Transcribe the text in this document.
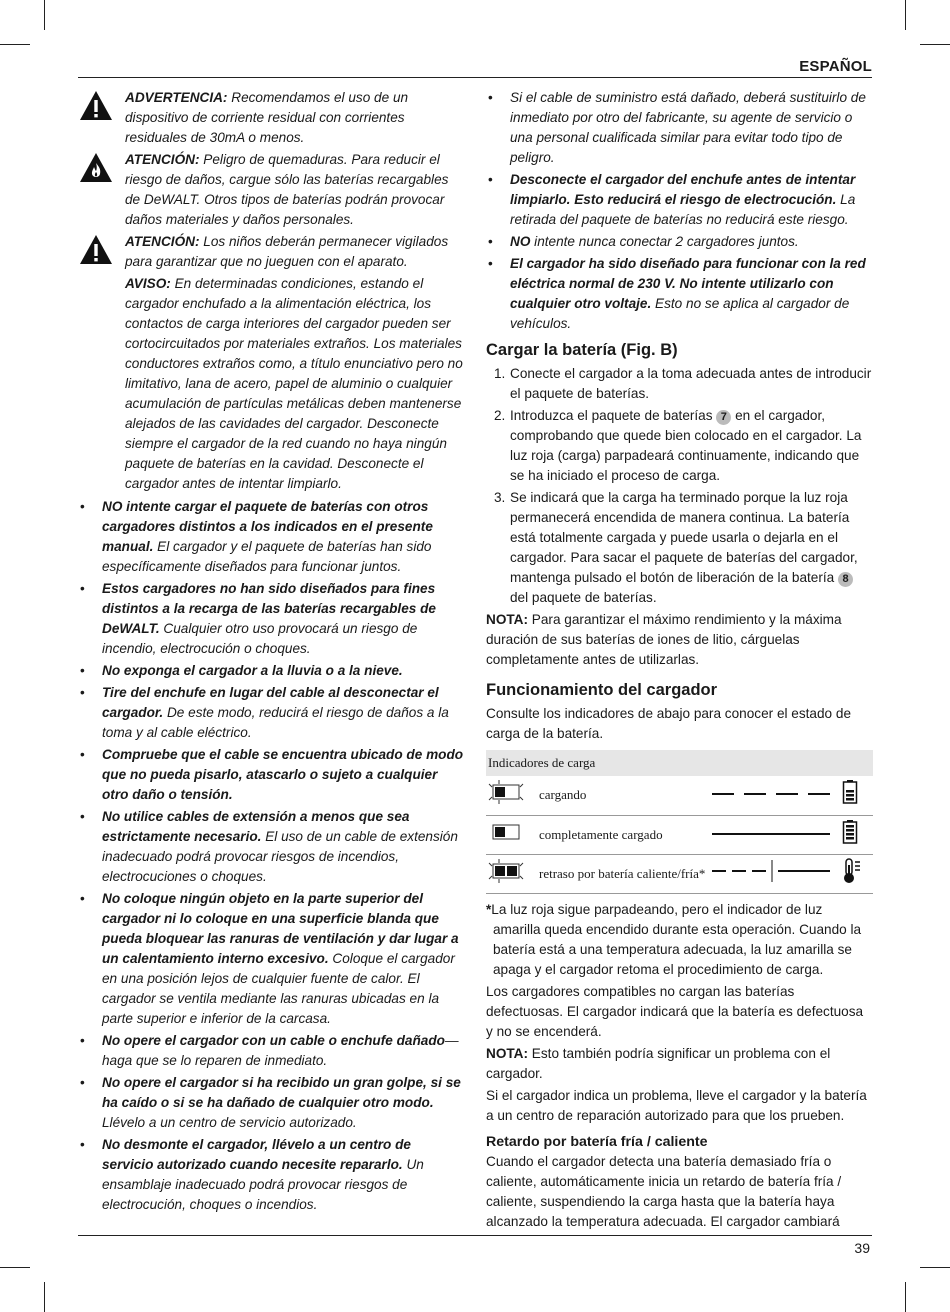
ESPAÑOL
ADVERTENCIA: Recomendamos el uso de un dispositivo de corriente residual con corrientes residuales de 30mA o menos.
ATENCIÓN: Peligro de quemaduras. Para reducir el riesgo de daños, cargue sólo las baterías recargables de DeWALT. Otros tipos de baterías podrán provocar daños materiales y daños personales.
ATENCIÓN: Los niños deberán permanecer vigilados para garantizar que no jueguen con el aparato.
AVISO: En determinadas condiciones, estando el cargador enchufado a la alimentación eléctrica, los contactos de carga interiores del cargador pueden ser cortocircuitados por materiales extraños. Los materiales conductores extraños como, a título enunciativo pero no limitativo, lana de acero, papel de aluminio o cualquier acumulación de partículas metálicas deben mantenerse alejados de las cavidades del cargador. Desconecte siempre el cargador de la red cuando no haya ningún paquete de baterías en la cavidad. Desconecte el cargador antes de intentar limpiarlo.
• NO intente cargar el paquete de baterías con otros cargadores distintos a los indicados en el presente manual. El cargador y el paquete de baterías han sido específicamente diseñados para funcionar juntos.
• Estos cargadores no han sido diseñados para fines distintos a la recarga de las baterías recargables de DeWALT. Cualquier otro uso provocará un riesgo de incendio, electrocución o choques.
• No exponga el cargador a la lluvia o a la nieve.
• Tire del enchufe en lugar del cable al desconectar el cargador. De este modo, reducirá el riesgo de daños a la toma y al cable eléctrico.
• Compruebe que el cable se encuentra ubicado de modo que no pueda pisarlo, atascarlo o sujeto a cualquier otro daño o tensión.
• No utilice cables de extensión a menos que sea estrictamente necesario. El uso de un cable de extensión inadecuado podrá provocar riesgos de incendios, electrocuciones o choques.
• No coloque ningún objeto en la parte superior del cargador ni lo coloque en una superficie blanda que pueda bloquear las ranuras de ventilación y dar lugar a un calentamiento interno excesivo. Coloque el cargador en una posición lejos de cualquier fuente de calor. El cargador se ventila mediante las ranuras ubicadas en la parte superior e inferior de la carcasa.
• No opere el cargador con un cable o enchufe dañado—haga que se lo reparen de inmediato.
• No opere el cargador si ha recibido un gran golpe, si se ha caído o si se ha dañado de cualquier otro modo. Llévelo a un centro de servicio autorizado.
• No desmonte el cargador, llévelo a un centro de servicio autorizado cuando necesite repararlo. Un ensamblaje inadecuado podrá provocar riesgos de electrocución, choques o incendios.
• Si el cable de suministro está dañado, deberá sustituirlo de inmediato por otro del fabricante, su agente de servicio o una personal cualificada similar para evitar todo tipo de peligro.
• Desconecte el cargador del enchufe antes de intentar limpiarlo. Esto reducirá el riesgo de electrocución. La retirada del paquete de baterías no reducirá este riesgo.
• NO intente nunca conectar 2 cargadores juntos.
• El cargador ha sido diseñado para funcionar con la red eléctrica normal de 230 V. No intente utilizarlo con cualquier otro voltaje. Esto no se aplica al cargador de vehículos.
Cargar la batería (Fig. B)
1. Conecte el cargador a la toma adecuada antes de introducir el paquete de baterías.
2. Introduzca el paquete de baterías 7 en el cargador, comprobando que quede bien colocado en el cargador. La luz roja (carga) parpadeará continuamente, indicando que se ha iniciado el proceso de carga.
3. Se indicará que la carga ha terminado porque la luz roja permanecerá encendida de manera continua. La batería está totalmente cargada y puede usarla o dejarla en el cargador. Para sacar el paquete de baterías del cargador, mantenga pulsado el botón de liberación de la batería 8 del paquete de baterías.

NOTA: Para garantizar el máximo rendimiento y la máxima duración de sus baterías de iones de litio, cárguelas completamente antes de utilizarlas.

Funcionamiento del cargador

Consulte los indicadores de abajo para conocer el estado de carga de la batería.

Indicadores de carga			
	cargando		
	completamente cargado		
	retraso por batería caliente/fría*		

*La luz roja sigue parpadeando, pero el indicador de luz amarilla queda encendido durante esta operación. Cuando la batería está a una temperatura adecuada, la luz amarilla se apaga y el cargador retoma el procedimiento de carga.

Los cargadores compatibles no cargan las baterías defectuosas. El cargador indicará que la batería es defectuosa y no se encenderá.

NOTA: Esto también podría significar un problema con el cargador.

Si el cargador indica un problema, lleve el cargador y la batería a un centro de reparación autorizado para que los prueben.

Retardo por batería fría / caliente

Cuando el cargador detecta una batería demasiado fría o caliente, automáticamente inicia un retardo de batería fría / caliente, suspendiendo la carga hasta que la batería haya alcanzado la temperatura adecuada. El cargador cambiará

39
